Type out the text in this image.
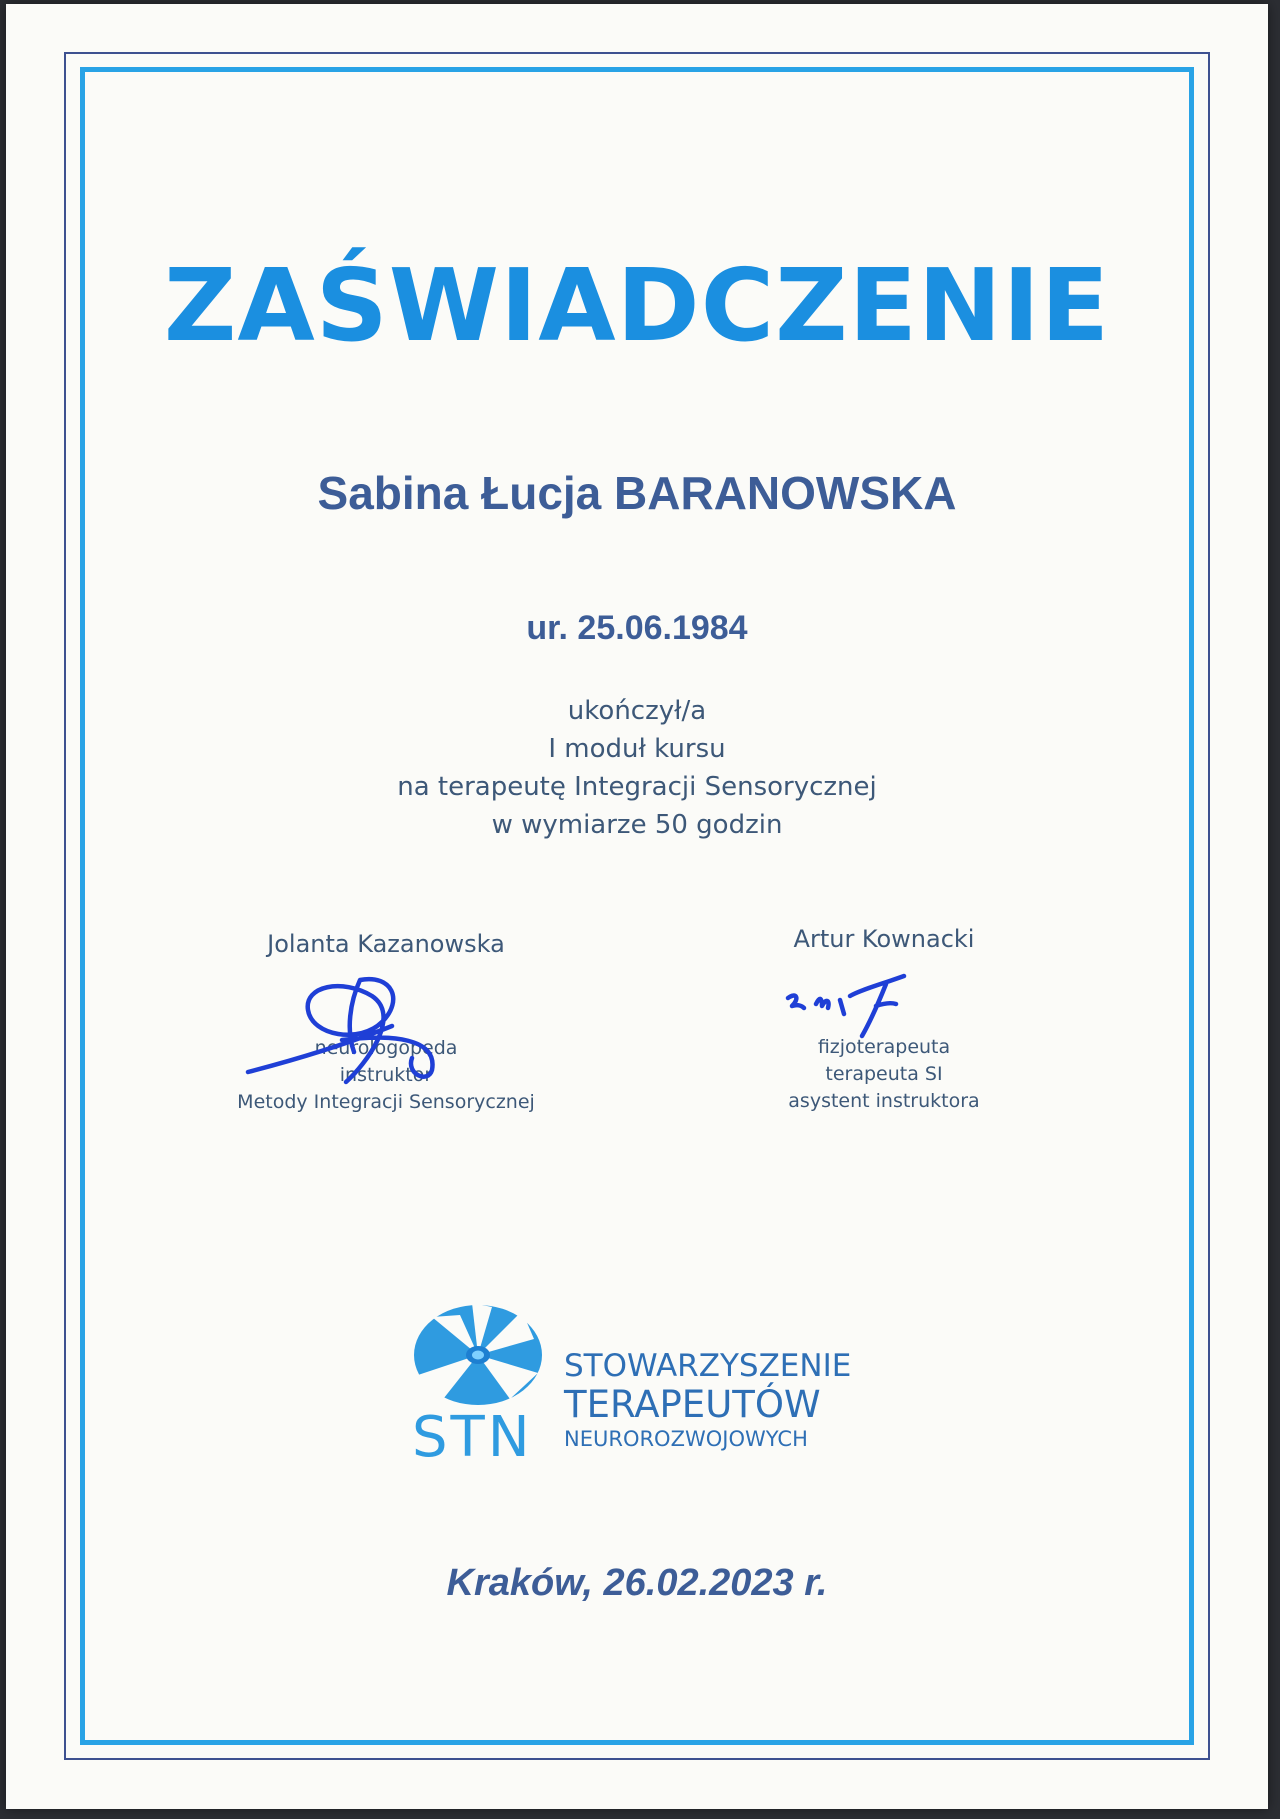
ZAŚWIADCZENIE
Sabina Łucja BARANOWSKA
ur. 25.06.1984
ukończył/a
I moduł kursu
na terapeutę Integracji Sensorycznej
w wymiarze 50 godzin
Jolanta Kazanowska
neurologopeda
instruktor
Metody Integracji Sensorycznej
Artur Kownacki
fizjoterapeuta
terapeuta SI
asystent instruktora
STN
STOWARZYSZENIE
TERAPEUTÓW
NEUROROZWOJOWYCH
Kraków, 26.02.2023 r.
